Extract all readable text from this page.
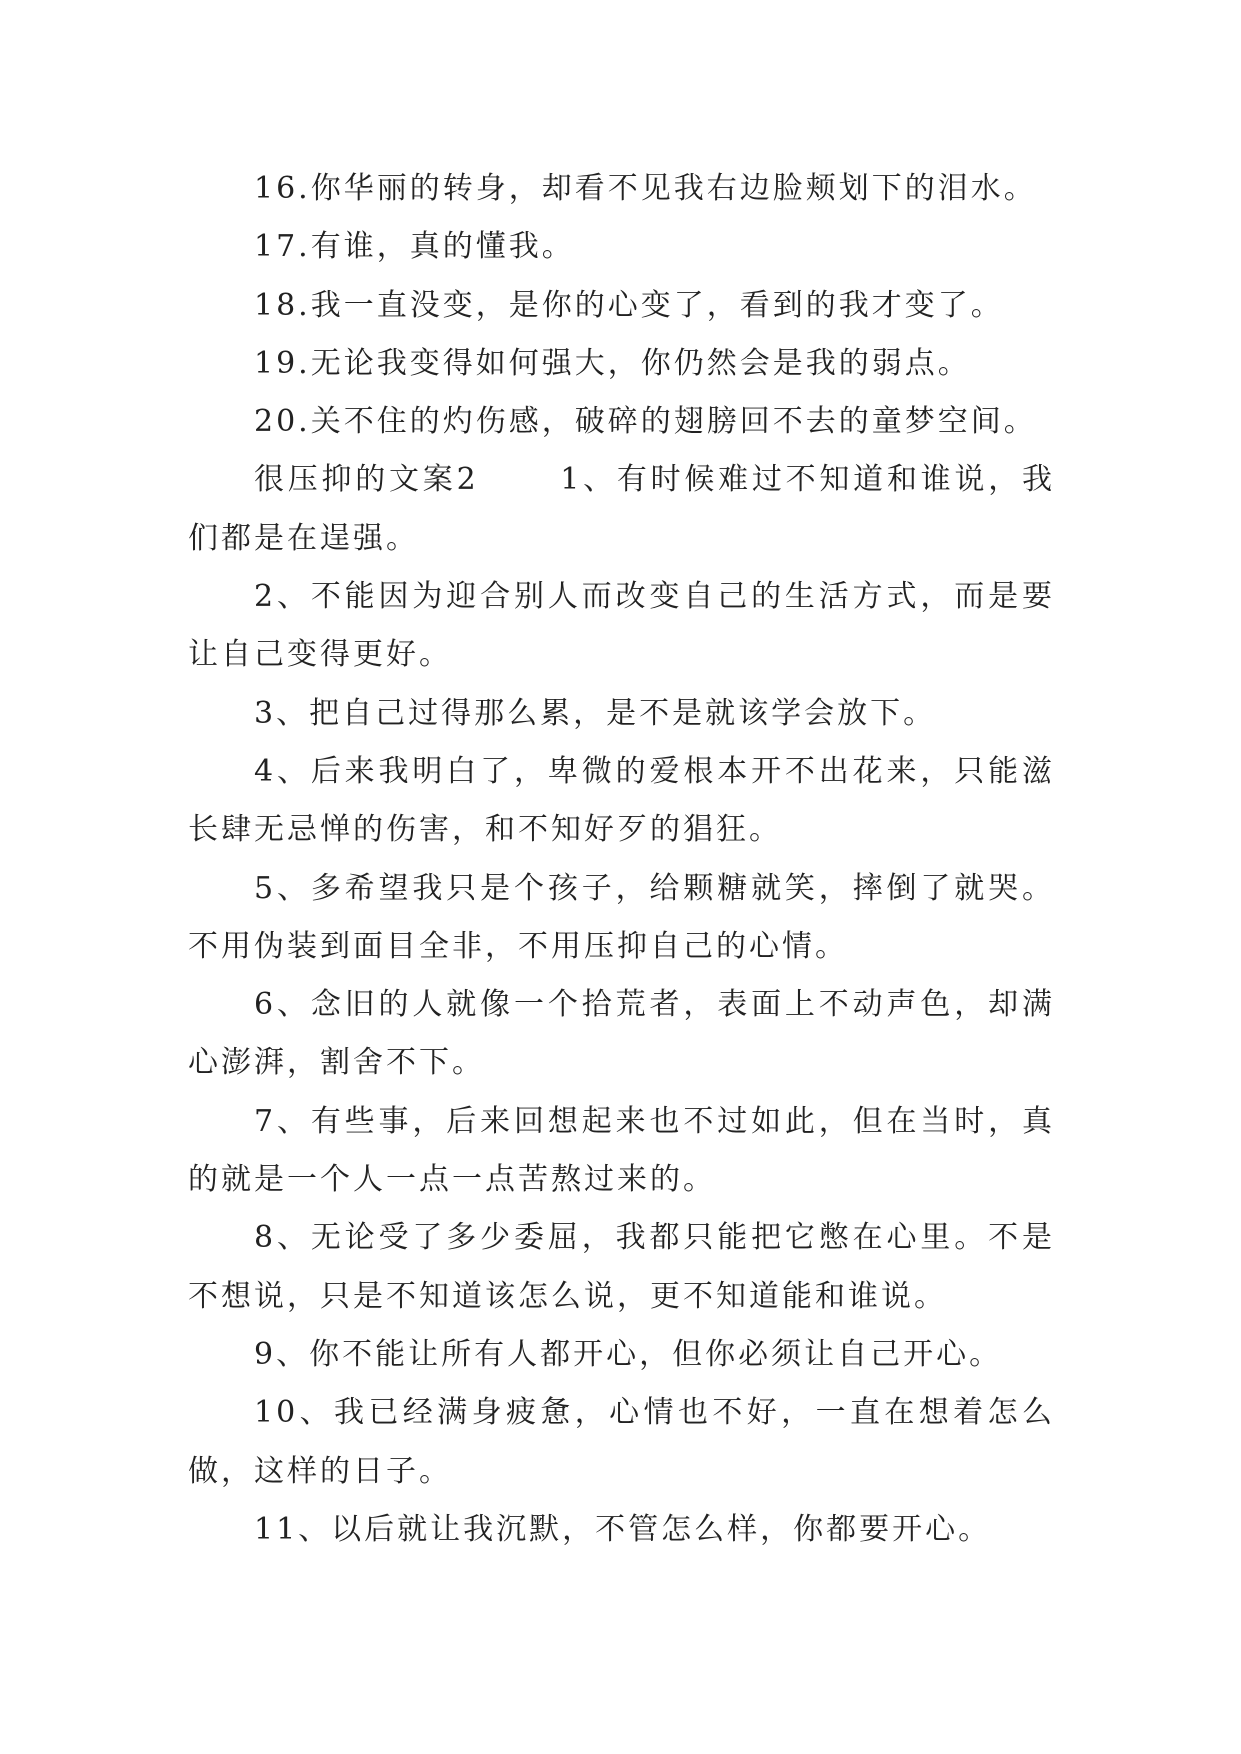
16.你华丽的转身，却看不见我右边脸颊划下的泪水。

17.有谁，真的懂我。

18.我一直没变，是你的心变了，看到的我才变了。

19.无论我变得如何强大，你仍然会是我的弱点。

20.关不住的灼伤感，破碎的翅膀回不去的童梦空间。

很压抑的文案2　　 1、有时候难过不知道和谁说，我们都是在逞强。

2、不能因为迎合别人而改变自己的生活方式，而是要让自己变得更好。

3、把自己过得那么累，是不是就该学会放下。

4、后来我明白了，卑微的爱根本开不出花来，只能滋长肆无忌惮的伤害，和不知好歹的猖狂。

5、多希望我只是个孩子，给颗糖就笑，摔倒了就哭。不用伪装到面目全非，不用压抑自己的心情。

6、念旧的人就像一个拾荒者，表面上不动声色，却满心澎湃，割舍不下。

7、有些事，后来回想起来也不过如此，但在当时，真的就是一个人一点一点苦熬过来的。

8、无论受了多少委屈，我都只能把它憋在心里。不是不想说，只是不知道该怎么说，更不知道能和谁说。

9、你不能让所有人都开心，但你必须让自己开心。

10、我已经满身疲惫，心情也不好，一直在想着怎么做，这样的日子。

11、以后就让我沉默，不管怎么样，你都要开心。
